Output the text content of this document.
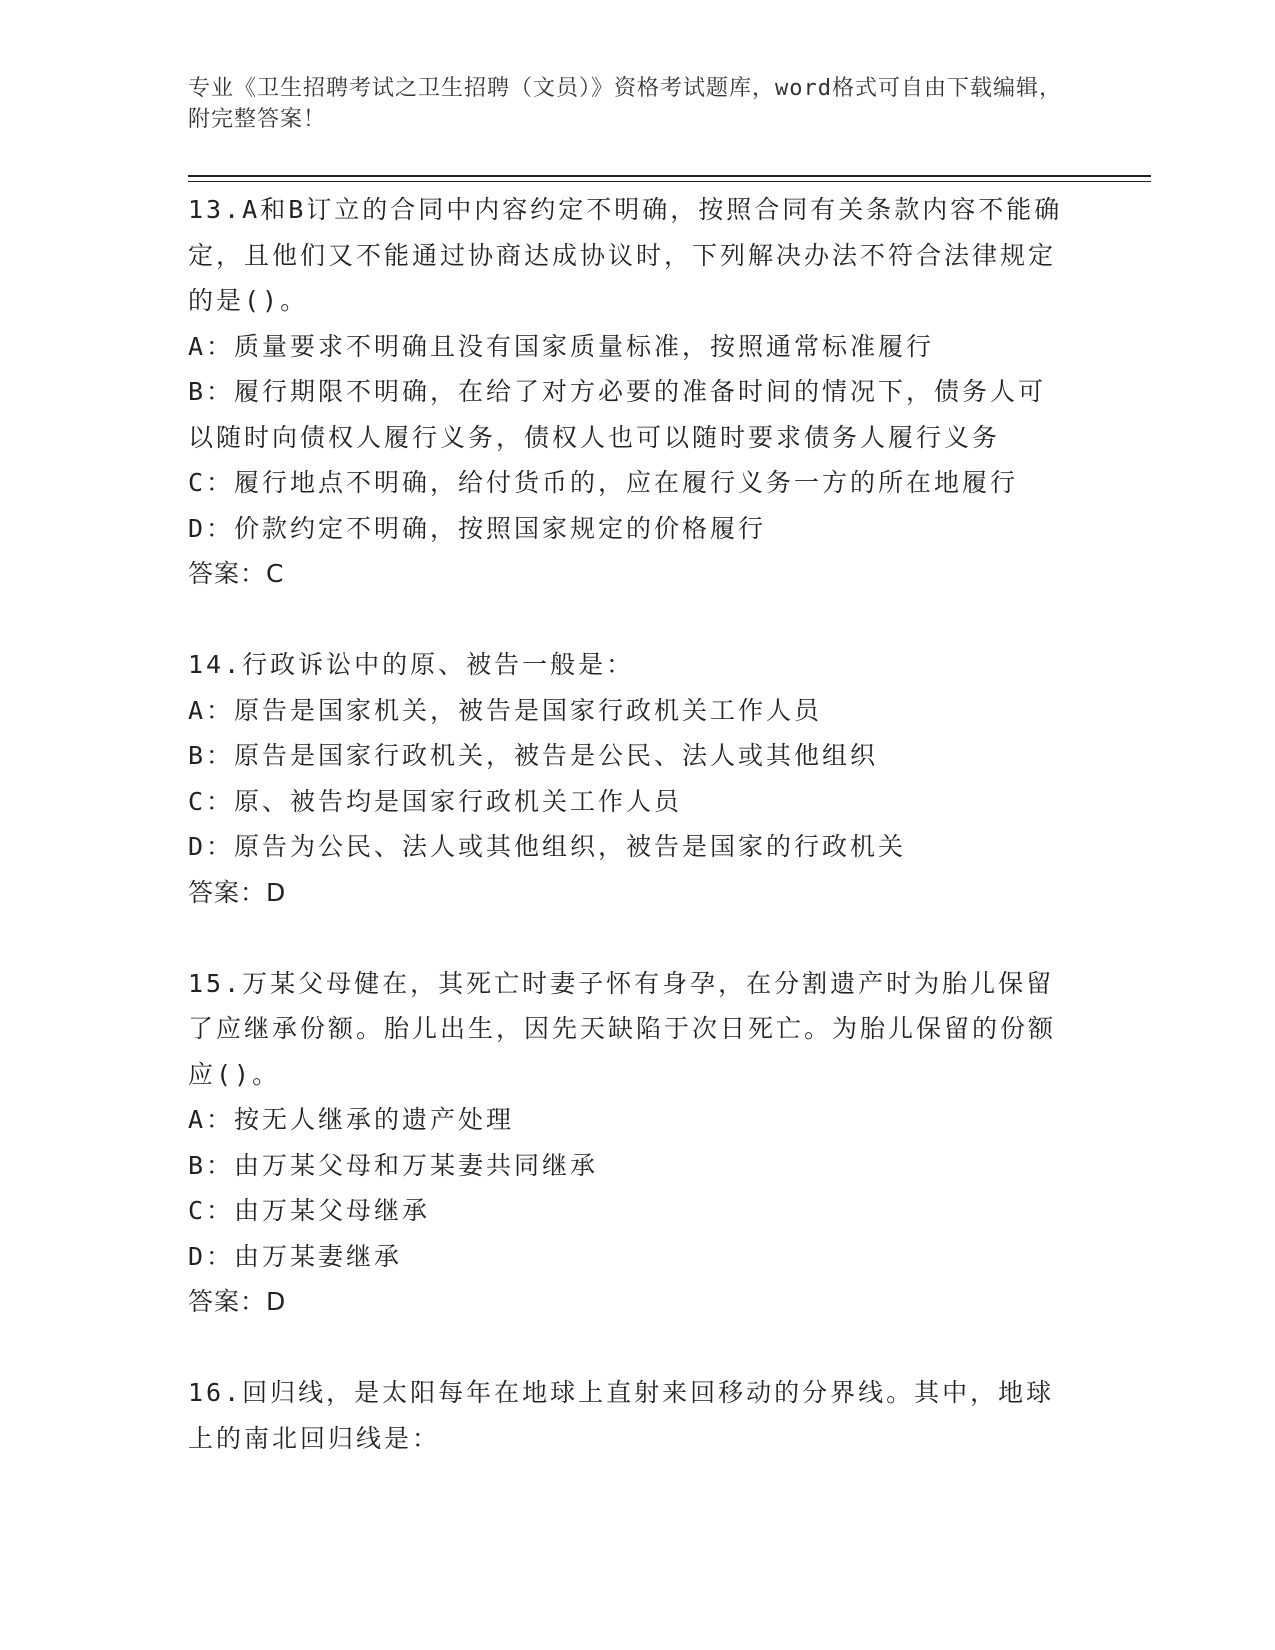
专业《卫生招聘考试之卫生招聘（文员）》资格考试题库，word格式可自由下载编辑，附完整答案！

13.A和B订立的合同中内容约定不明确，按照合同有关条款内容不能确定，且他们又不能通过协商达成协议时，下列解决办法不符合法律规定的是()。

A：质量要求不明确且没有国家质量标准，按照通常标准履行

B：履行期限不明确，在给了对方必要的准备时间的情况下，债务人可以随时向债权人履行义务，债权人也可以随时要求债务人履行义务

C：履行地点不明确，给付货币的，应在履行义务一方的所在地履行

D：价款约定不明确，按照国家规定的价格履行

答案：C

14.行政诉讼中的原、被告一般是：

A：原告是国家机关，被告是国家行政机关工作人员

B：原告是国家行政机关，被告是公民、法人或其他组织

C：原、被告均是国家行政机关工作人员

D：原告为公民、法人或其他组织，被告是国家的行政机关

答案：D

15.万某父母健在，其死亡时妻子怀有身孕，在分割遗产时为胎儿保留了应继承份额。胎儿出生，因先天缺陷于次日死亡。为胎儿保留的份额应()。

A：按无人继承的遗产处理

B：由万某父母和万某妻共同继承

C：由万某父母继承

D：由万某妻继承

答案：D

16.回归线，是太阳每年在地球上直射来回移动的分界线。其中，地球上的南北回归线是：
